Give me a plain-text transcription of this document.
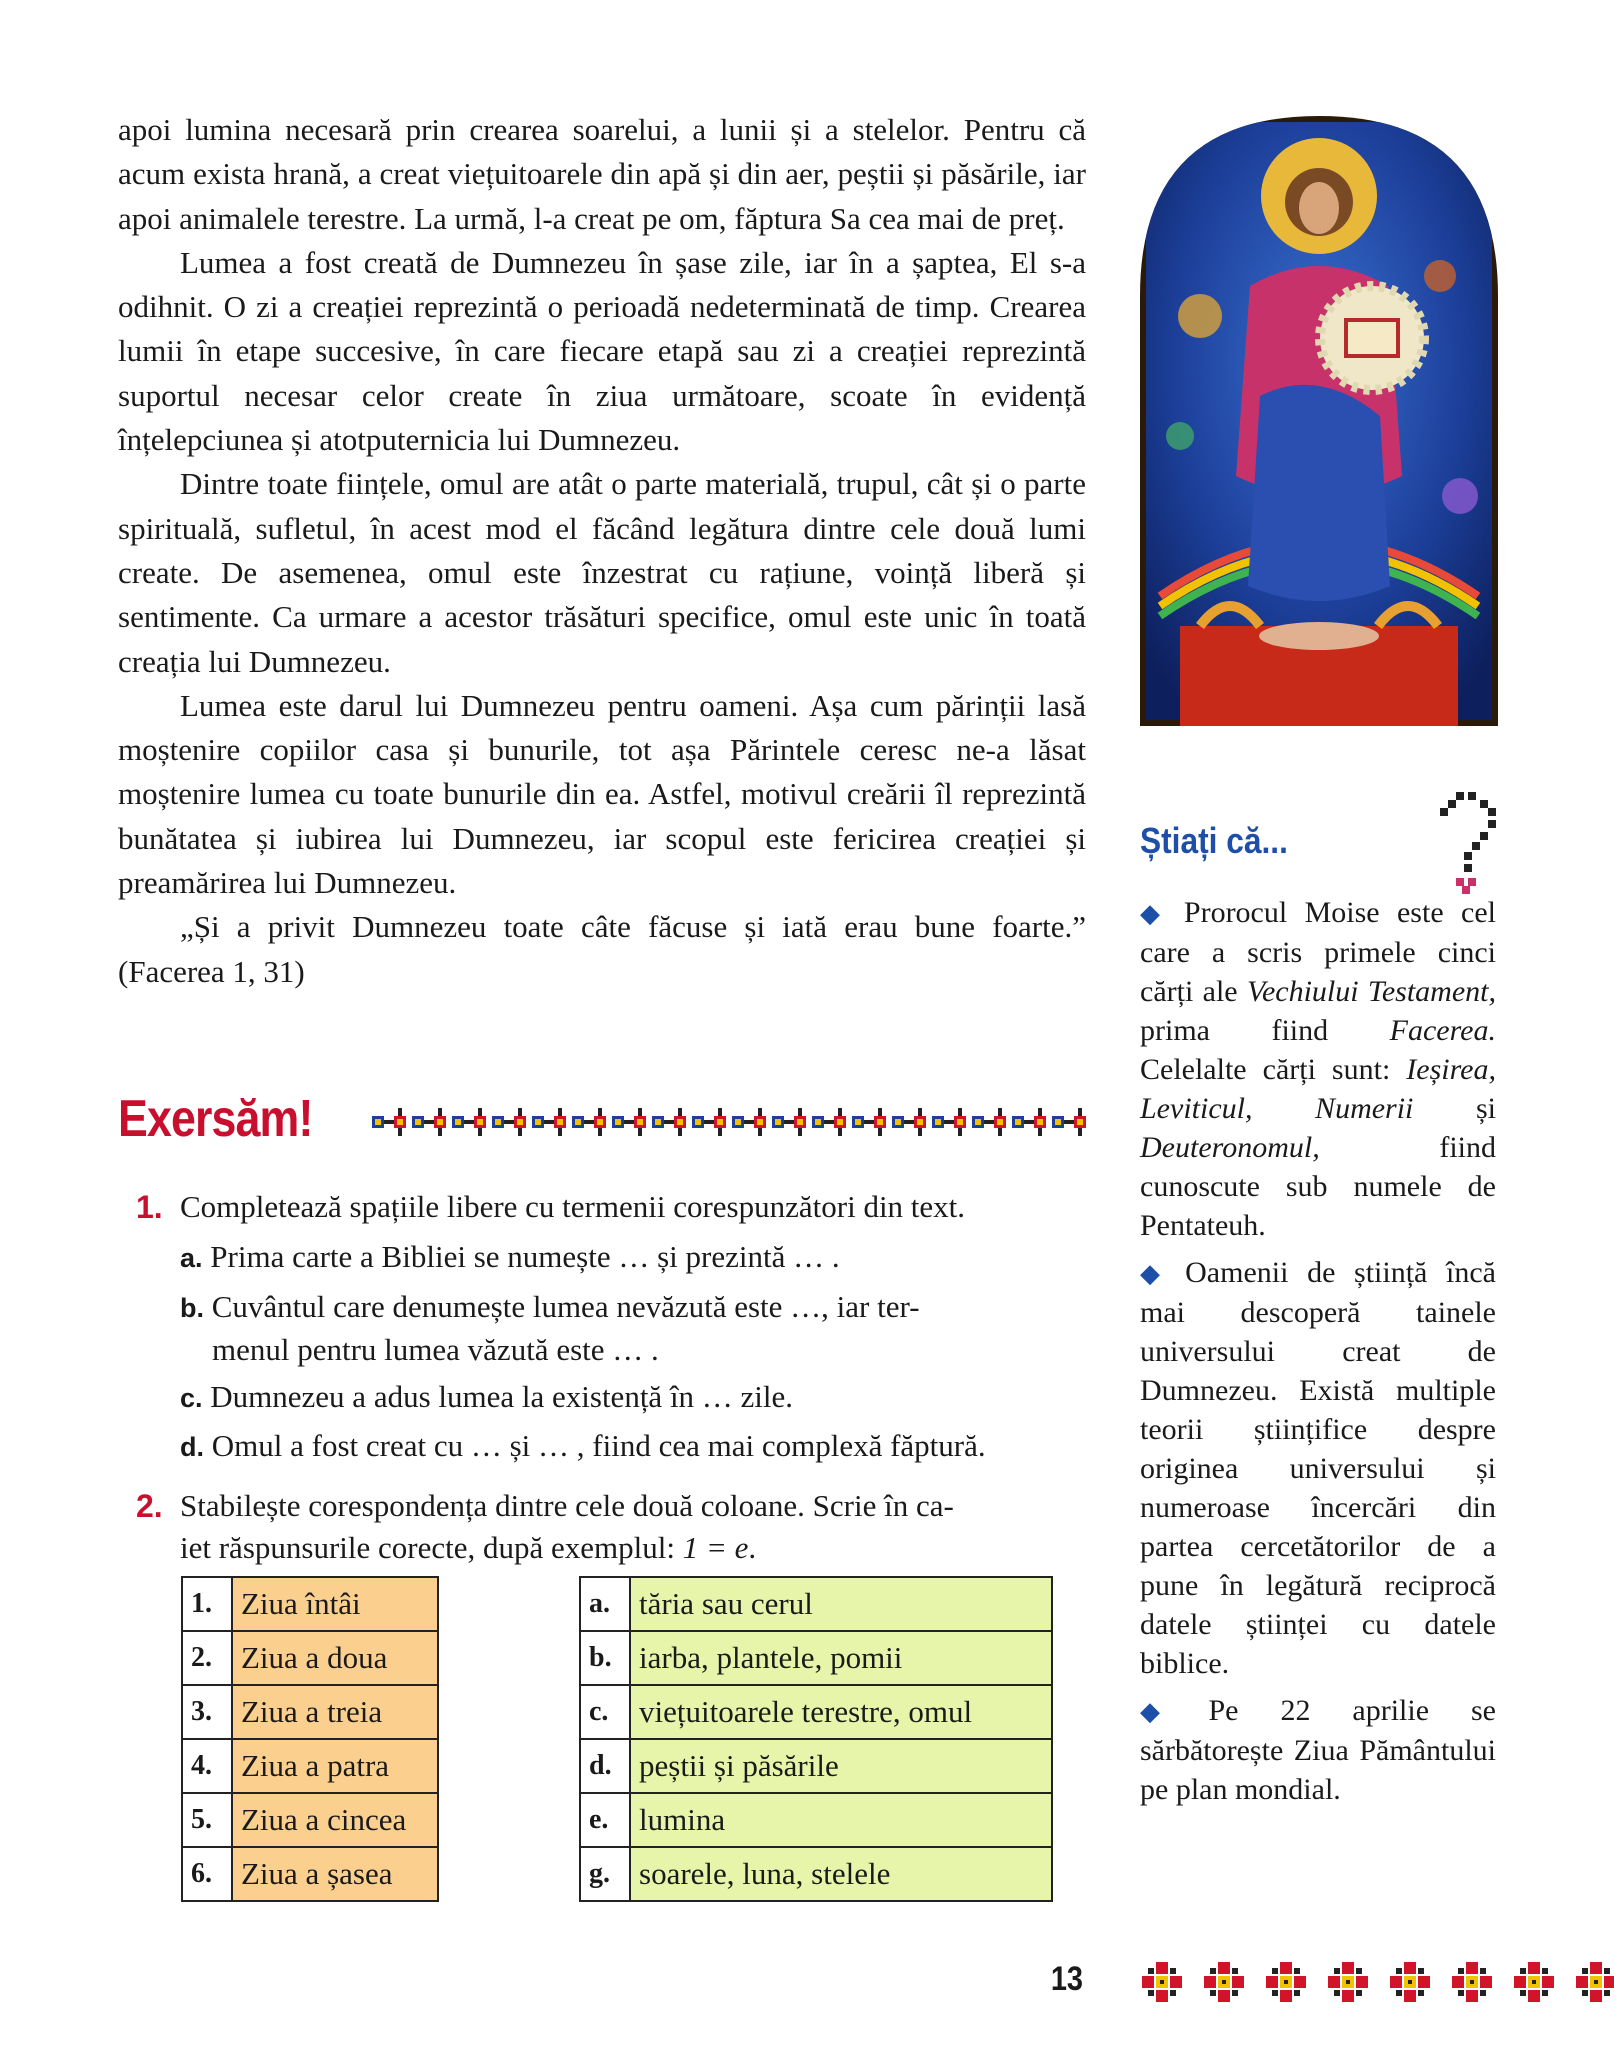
apoi lumina necesară prin crearea soarelui, a lunii și a stelelor. Pentru că acum exista hrană, a creat viețuitoarele din apă și din aer, peștii și păsările, iar apoi animalele terestre. La urmă, l-a creat pe om, făptura Sa cea mai de preț.

Lumea a fost creată de Dumnezeu în șase zile, iar în a șaptea, El s-a odihnit. O zi a creației reprezintă o perioadă nedeterminată de timp. Crearea lumii în etape succesive, în care fiecare etapă sau zi a creației reprezintă suportul necesar celor create în ziua următoare, scoate în evidență înțelepciunea și atotputernicia lui Dumnezeu.

Dintre toate ființele, omul are atât o parte materială, trupul, cât și o parte spirituală, sufletul, în acest mod el făcând legătura dintre cele două lumi create. De asemenea, omul este înzestrat cu rațiune, voință liberă și sentimente. Ca urmare a acestor trăsături specifice, omul este unic în toată creația lui Dumnezeu.

Lumea este darul lui Dumnezeu pentru oameni. Așa cum părinții lasă moștenire copiilor casa și bunurile, tot așa Părintele ceresc ne-a lăsat moștenire lumea cu toate bunurile din ea. Astfel, motivul creării îl reprezintă bunătatea și iubirea lui Dumnezeu, iar scopul este fericirea creației și preamărirea lui Dumnezeu.

„Și a privit Dumnezeu toate câte făcuse și iată erau bune foarte.” (Facerea 1, 31)

Exersăm!
1. Completează spațiile libere cu termenii corespunzători din text.
a. Prima carte a Bibliei se numește … și prezintă … .
b. Cuvântul care denumește lumea nevăzută este …, iar ter-
menul pentru lumea văzută este … .
c. Dumnezeu a adus lumea la existență în … zile.
d. Omul a fost creat cu … și … , fiind cea mai complexă făptură.
2. Stabilește corespondența dintre cele două coloane. Scrie în ca-
iet răspunsurile corecte, după exemplul: 1 = e.
1.	Ziua întâi
2.	Ziua a doua
3.	Ziua a treia
4.	Ziua a patra
5.	Ziua a cincea
6.	Ziua a șasea
a.	tăria sau cerul
b.	iarba, plantele, pomii
c.	viețuitoarele terestre, omul
d.	peștii și păsările
e.	lumina
g.	soarele, luna, stelele
Știați că...

◆ Prorocul Moise este cel care a scris primele cinci cărți ale Vechiului Testament, prima fiind Facerea. Celelalte cărți sunt: Ieșirea, Leviticul, Numerii și Deuteronomul, fiind cunoscute sub numele de Pentateuh.

◆ Oamenii de știință încă mai descoperă tainele universului creat de Dumnezeu. Există multiple teorii științifice despre originea universului și numeroase încercări din partea cercetătorilor de a pune în legătură reciprocă datele științei cu datele biblice.

◆ Pe 22 aprilie se sărbătorește Ziua Pământului pe plan mondial.

13
